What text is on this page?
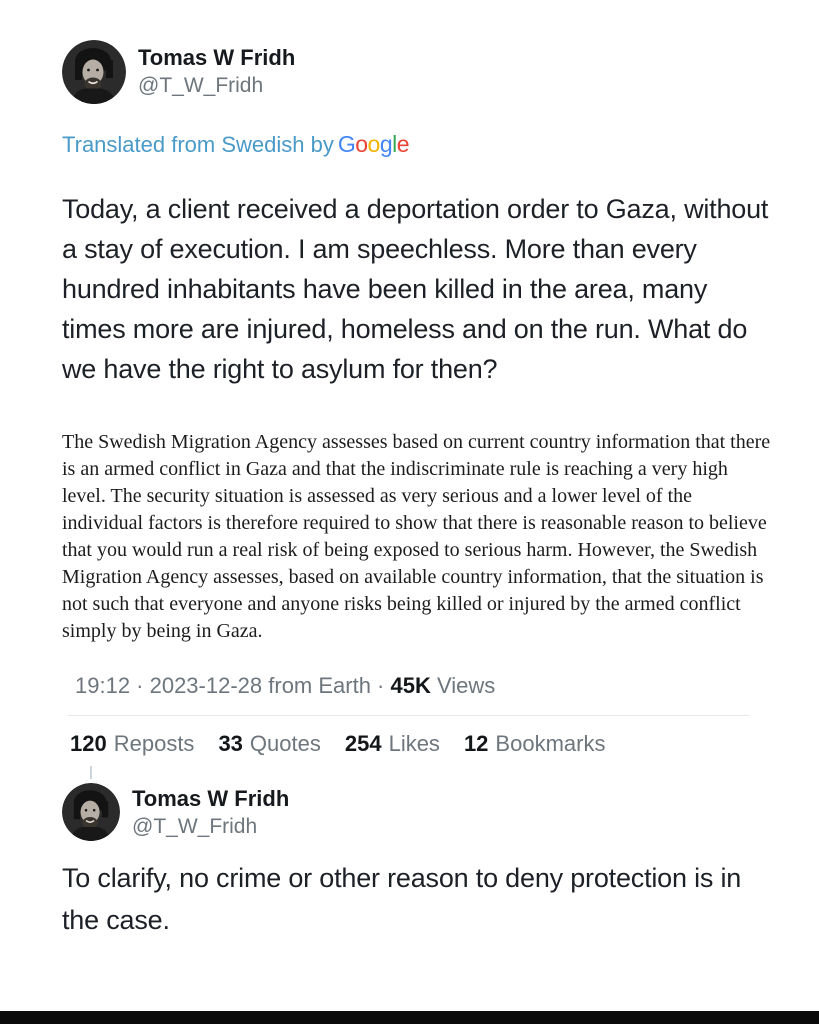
Tomas W Fridh
@T_W_Fridh
Translated from Swedish by Google

Today, a client received a deportation order to Gaza, without a stay of execution. I am speechless. More than every hundred inhabitants have been killed in the area, many times more are injured, homeless and on the run. What do we have the right to asylum for then?

The Swedish Migration Agency assesses based on current country information that there is an armed conflict in Gaza and that the indiscriminate rule is reaching a very high level. The security situation is assessed as very serious and a lower level of the individual factors is therefore required to show that there is reasonable reason to believe that you would run a real risk of being exposed to serious harm. However, the Swedish Migration Agency assesses, based on available country information, that the situation is not such that everyone and anyone risks being killed or injured by the armed conflict simply by being in Gaza.

19:12 · 2023-12-28 from Earth · 45K Views
120 Reposts 33 Quotes 254 Likes 12 Bookmarks
Tomas W Fridh
@T_W_Fridh

To clarify, no crime or other reason to deny protection is in the case.
